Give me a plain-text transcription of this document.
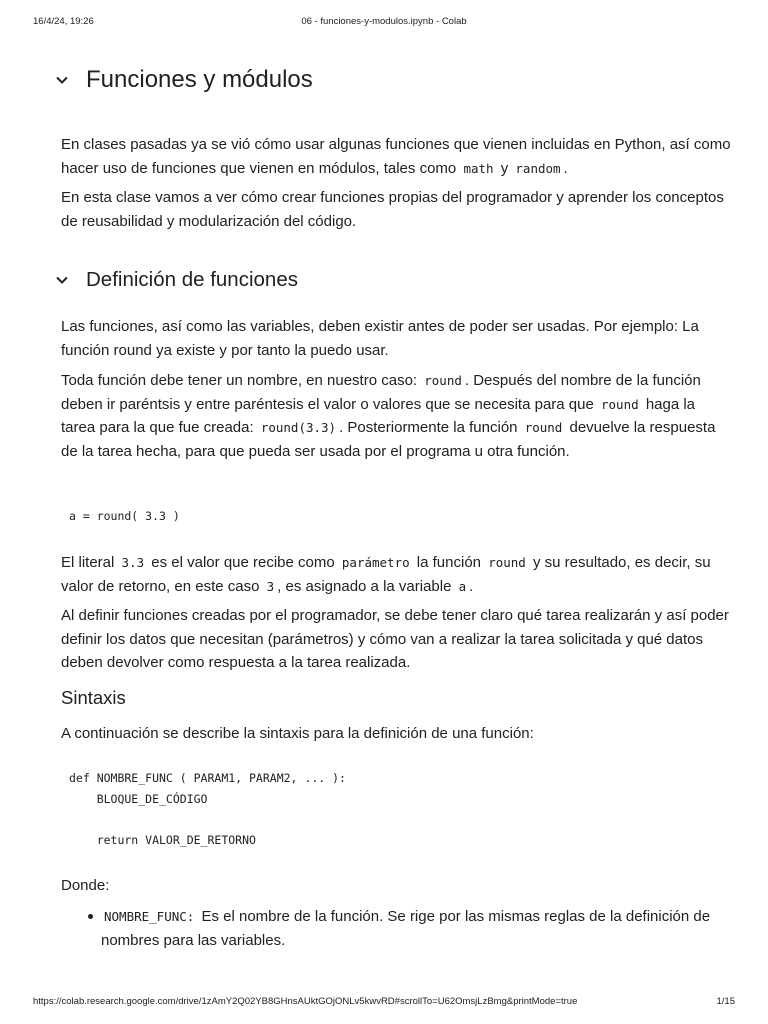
16/4/24, 19:26	06 - funciones-y-modulos.ipynb - Colab
Funciones y módulos

En clases pasadas ya se vió cómo usar algunas funciones que vienen incluidas en Python, así como hacer uso de funciones que vienen en módulos, tales como math y random .

En esta clase vamos a ver cómo crear funciones propias del programador y aprender los conceptos de reusabilidad y modularización del código.

Definición de funciones

Las funciones, así como las variables, deben existir antes de poder ser usadas. Por ejemplo: La función round ya existe y por tanto la puedo usar.

Toda función debe tener un nombre, en nuestro caso: round . Después del nombre de la función deben ir paréntsis y entre paréntesis el valor o valores que se necesita para que round haga la tarea para la que fue creada: round(3.3) . Posteriormente la función round devuelve la respuesta de la tarea hecha, para que pueda ser usada por el programa u otra función.

a = round( 3.3 )

El literal 3.3 es el valor que recibe como parámetro la función round y su resultado, es decir, su valor de retorno, en este caso 3 , es asignado a la variable a .

Al definir funciones creadas por el programador, se debe tener claro qué tarea realizarán y así poder definir los datos que necesitan (parámetros) y cómo van a realizar la tarea solicitada y qué datos deben devolver como respuesta a la tarea realizada.

Sintaxis

A continuación se describe la sintaxis para la definición de una función:

def NOMBRE_FUNC ( PARAM1, PARAM2, ... ):
BLOQUE_DE_CÓDIGO

return VALOR_DE_RETORNO

Donde:

NOMBRE_FUNC: Es el nombre de la función. Se rige por las mismas reglas de la definición de nombres para las variables.
https://colab.research.google.com/drive/1zAmY2Q02YB8GHnsAUktGOjONLv5kwvRD#scrollTo=U62OmsjLzBmg&printMode=true	1/15
